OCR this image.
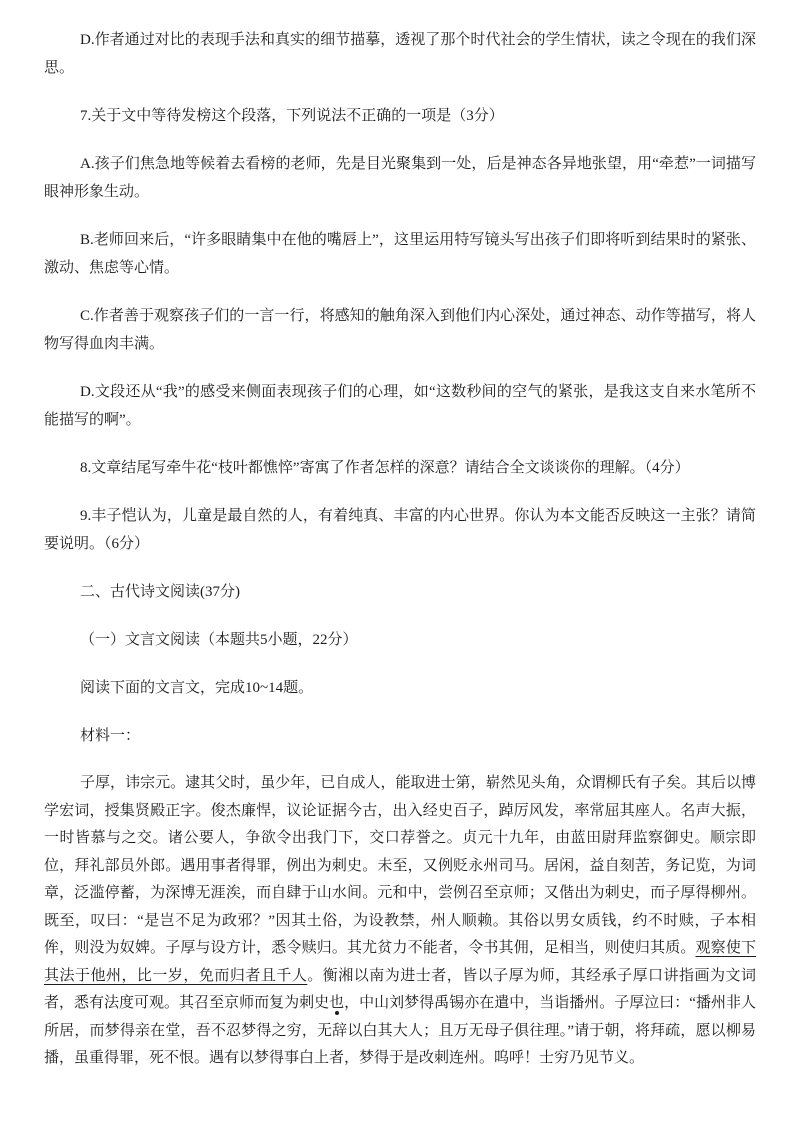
D.作者通过对比的表现手法和真实的细节描摹，透视了那个时代社会的学生情状，读之令现在的我们深思。

7.关于文中等待发榜这个段落，下列说法不正确的一项是（3分）

A.孩子们焦急地等候着去看榜的老师，先是目光聚集到一处，后是神态各异地张望，用“牵惹”一词描写眼神形象生动。

B.老师回来后，“许多眼睛集中在他的嘴唇上”，这里运用特写镜头写出孩子们即将听到结果时的紧张、激动、焦虑等心情。

C.作者善于观察孩子们的一言一行，将感知的触角深入到他们内心深处，通过神态、动作等描写，将人物写得血肉丰满。

D.文段还从“我”的感受来侧面表现孩子们的心理，如“这数秒间的空气的紧张，是我这支自来水笔所不能描写的啊”。

8.文章结尾写牵牛花“枝叶都憔悴”寄寓了作者怎样的深意？请结合全文谈谈你的理解。（4分）

9.丰子恺认为，儿童是最自然的人，有着纯真、丰富的内心世界。你认为本文能否反映这一主张？请简要说明。（6分）

二、古代诗文阅读(37分)

（一）文言文阅读（本题共5小题，22分）

阅读下面的文言文，完成10~14题。

材料一：

子厚，讳宗元。逮其父时，虽少年，已自成人，能取进士第，崭然见头角，众谓柳氏有子矣。其后以博学宏词，授集贤殿正字。俊杰廉悍，议论证据今古，出入经史百子，踔厉风发，率常屈其座人。名声大振，一时皆慕与之交。诸公要人，争欲令出我门下，交口荐誉之。贞元十九年，由蓝田尉拜监察御史。顺宗即位，拜礼部员外郎。遇用事者得罪，例出为刺史。未至，又例贬永州司马。居闲，益自刻苦，务记览，为词章，泛滥停蓄，为深博无涯涘，而自肆于山水间。元和中，尝例召至京师；又偕出为刺史，而子厚得柳州。既至，叹曰：“是岂不足为政邪？”因其土俗，为设教禁，州人顺赖。其俗以男女质钱，约不时赎，子本相侔，则没为奴婢。子厚与设方计，悉令赎归。其尤贫力不能者，令书其佣，足相当，则使归其质。观察使下其法于他州，比一岁，免而归者且千人。衡湘以南为进士者，皆以子厚为师，其经承子厚口讲指画为文词者，悉有法度可观。其召至京师而复为刺史也，中山刘梦得禹锡亦在遣中，当诣播州。子厚泣曰：“播州非人所居，而梦得亲在堂，吾不忍梦得之穷，无辞以白其大人；且万无母子俱往理。”请于朝，将拜疏，愿以柳易播，虽重得罪，死不恨。遇有以梦得事白上者，梦得于是改刺连州。呜呼！士穷乃见节义。
